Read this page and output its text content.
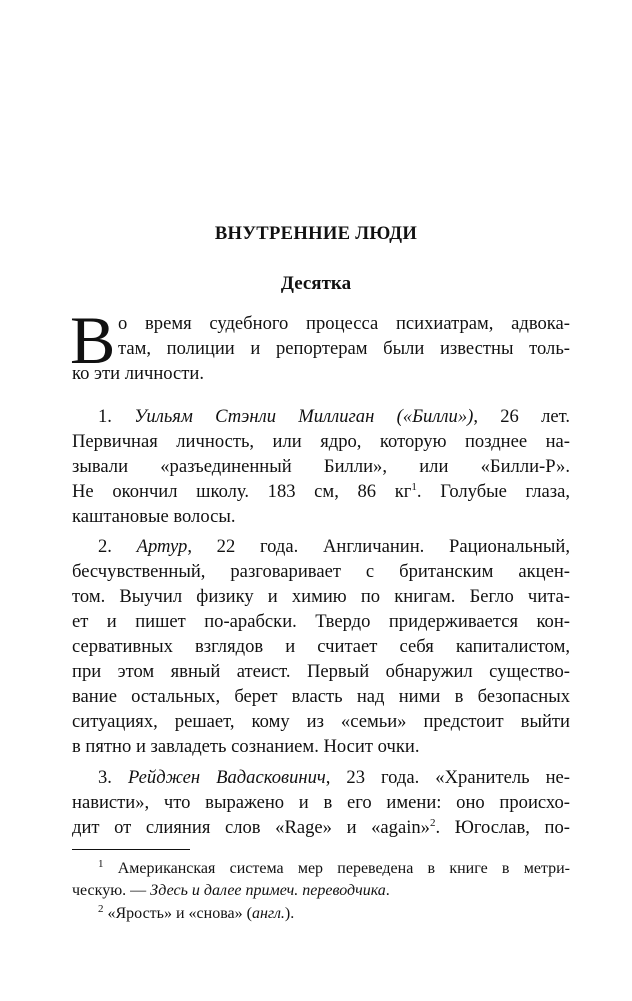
ВНУТРЕННИЕ ЛЮДИ
Десятка
В о время судебного процесса психиатрам, адвока-
там, полиции и репортерам были известны толь-
ко эти личности.
1. Уильям Стэнли Миллиган («Билли»), 26 лет.
Первичная личность, или ядро, которую позднее на-
зывали «разъединенный Билли», или «Билли-Р».
Не окончил школу. 183 см, 86 $кг^1$. Голубые глаза,
каштановые волосы.
2. Артур, 22 года. Англичанин. Рациональный,
бесчувственный, разговаривает с британским акцен-
том. Выучил физику и химию по книгам. Бегло чита-
ет и пишет по-арабски. Твердо придерживается кон-
сервативных взглядов и считает себя капиталистом,
при этом явный атеист. Первый обнаружил существо-
вание остальных, берет власть над ними в безопасных
ситуациях, решает, кому из «семьи» предстоит выйти
в пятно и завладеть сознанием. Носит очки.
3. Рейджен Вадасковинич, 23 года. «Хранитель не-
нависти», что выражено и в его имени: оно происхо-
дит от слияния слов «Rage» и «again»$^2$. Югослав, по-
$^1$ Американская система мер переведена в книге в метри-
ческую. — Здесь и далее примеч. переводчика.
$^2$ «Ярость» и «снова» (англ.).
